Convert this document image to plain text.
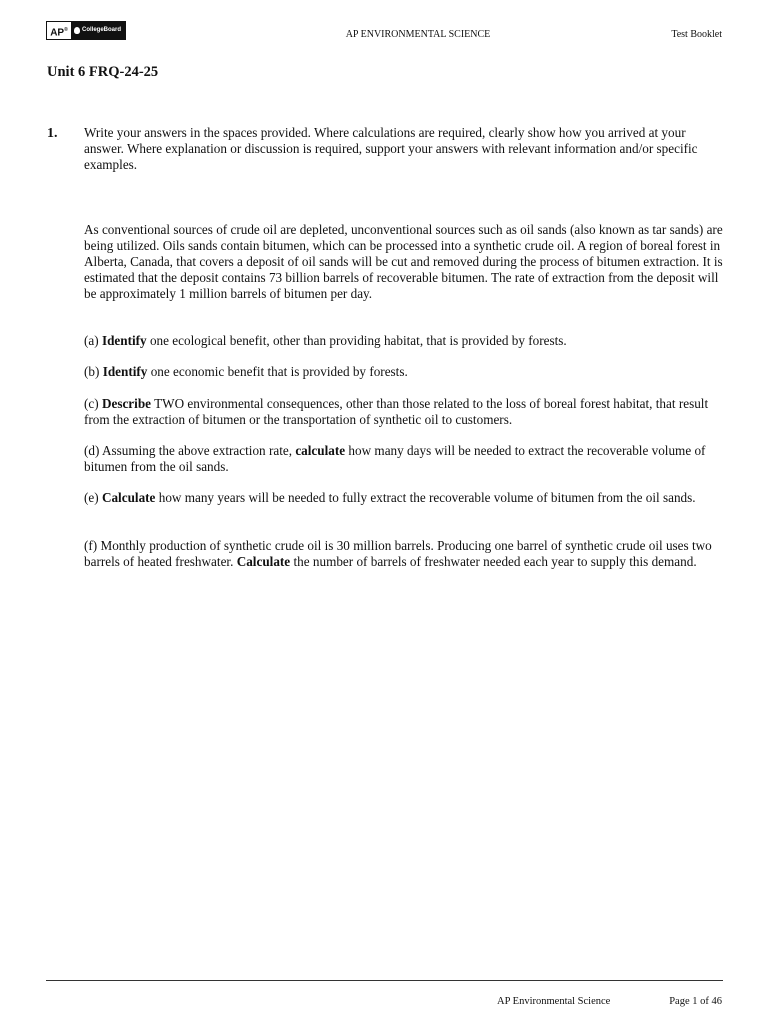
AP®	CollegeBoard	AP ENVIRONMENTAL SCIENCE	Test Booklet
Unit 6 FRQ-24-25
1. Write your answers in the spaces provided. Where calculations are required, clearly show how you arrived at your answer. Where explanation or discussion is required, support your answers with relevant information and/or specific examples.

As conventional sources of crude oil are depleted, unconventional sources such as oil sands (also known as tar sands) are being utilized. Oils sands contain bitumen, which can be processed into a synthetic crude oil. A region of boreal forest in Alberta, Canada, that covers a deposit of oil sands will be cut and removed during the process of bitumen extraction. It is estimated that the deposit contains 73 billion barrels of recoverable bitumen. The rate of extraction from the deposit will be approximately 1 million barrels of bitumen per day.

(a) Identify one ecological benefit, other than providing habitat, that is provided by forests.

(b) Identify one economic benefit that is provided by forests.

(c) Describe TWO environmental consequences, other than those related to the loss of boreal forest habitat, that result from the extraction of bitumen or the transportation of synthetic oil to customers.

(d) Assuming the above extraction rate, calculate how many days will be needed to extract the recoverable volume of bitumen from the oil sands.

(e) Calculate how many years will be needed to fully extract the recoverable volume of bitumen from the oil sands.

(f) Monthly production of synthetic crude oil is 30 million barrels. Producing one barrel of synthetic crude oil uses two barrels of heated freshwater. Calculate the number of barrels of freshwater needed each year to supply this demand.

AP Environmental Science	Page 1 of 46
